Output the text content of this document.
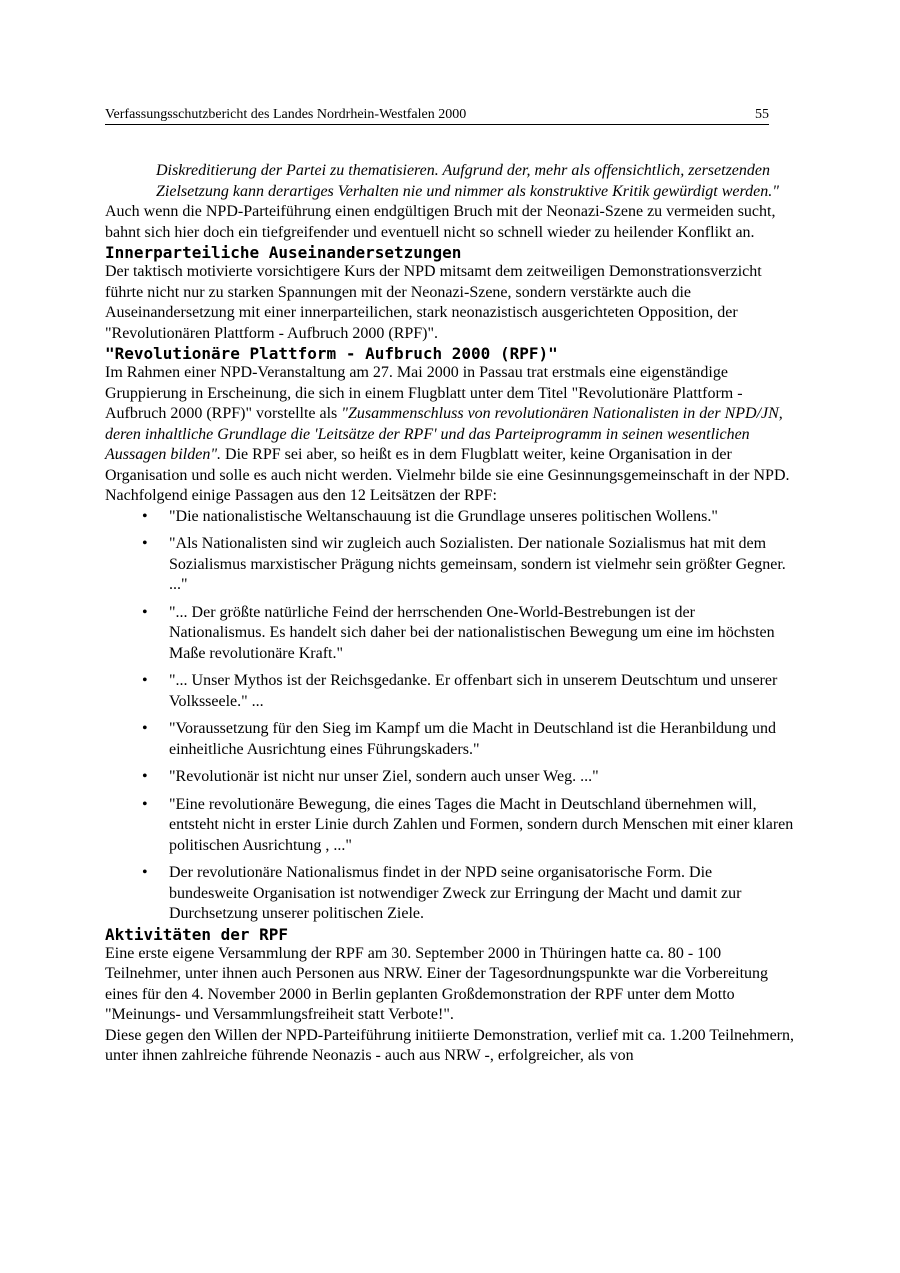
Verfassungsschutzbericht des Landes Nordrhein-Westfalen 2000	55
Diskreditierung der Partei zu thematisieren. Aufgrund der, mehr als offensichtlich, zersetzenden Zielsetzung kann derartiges Verhalten nie und nimmer als konstruktive Kritik gewürdigt werden."

Auch wenn die NPD-Parteiführung einen endgültigen Bruch mit der Neonazi-Szene zu vermeiden sucht, bahnt sich hier doch ein tiefgreifender und eventuell nicht so schnell wieder zu heilender Konflikt an.

Innerparteiliche Auseinandersetzungen

Der taktisch motivierte vorsichtigere Kurs der NPD mitsamt dem zeitweiligen Demonstrationsverzicht führte nicht nur zu starken Spannungen mit der Neonazi-Szene, sondern verstärkte auch die Auseinandersetzung mit einer innerparteilichen, stark neonazistisch ausgerichteten Opposition, der "Revolutionären Plattform - Aufbruch 2000 (RPF)".

"Revolutionäre Plattform - Aufbruch 2000 (RPF)"

Im Rahmen einer NPD-Veranstaltung am 27. Mai 2000 in Passau trat erstmals eine eigenständige Gruppierung in Erscheinung, die sich in einem Flugblatt unter dem Titel "Revolutionäre Plattform - Aufbruch 2000 (RPF)" vorstellte als "Zusammenschluss von revolutionären Nationalisten in der NPD/JN, deren inhaltliche Grundlage die 'Leitsätze der RPF' und das Parteiprogramm in seinen wesentlichen Aussagen bilden". Die RPF sei aber, so heißt es in dem Flugblatt weiter, keine Organisation in der Organisation und solle es auch nicht werden. Vielmehr bilde sie eine Gesinnungsgemeinschaft in der NPD.

Nachfolgend einige Passagen aus den 12 Leitsätzen der RPF:

• "Die nationalistische Weltanschauung ist die Grundlage unseres politischen Wollens."
• "Als Nationalisten sind wir zugleich auch Sozialisten. Der nationale Sozialismus hat mit dem Sozialismus marxistischer Prägung nichts gemeinsam, sondern ist vielmehr sein größter Gegner. ..."
• "... Der größte natürliche Feind der herrschenden One-World-Bestrebungen ist der Nationalismus. Es handelt sich daher bei der nationalistischen Bewegung um eine im höchsten Maße revolutionäre Kraft."
• "... Unser Mythos ist der Reichsgedanke. Er offenbart sich in unserem Deutschtum und unserer Volksseele." ...
• "Voraussetzung für den Sieg im Kampf um die Macht in Deutschland ist die Heranbildung und einheitliche Ausrichtung eines Führungskaders."
• "Revolutionär ist nicht nur unser Ziel, sondern auch unser Weg. ..."
• "Eine revolutionäre Bewegung, die eines Tages die Macht in Deutschland übernehmen will, entsteht nicht in erster Linie durch Zahlen und Formen, sondern durch Menschen mit einer klaren politischen Ausrichtung , ..."
• Der revolutionäre Nationalismus findet in der NPD seine organisatorische Form. Die bundesweite Organisation ist notwendiger Zweck zur Erringung der Macht und damit zur Durchsetzung unserer politischen Ziele.
Aktivitäten der RPF

Eine erste eigene Versammlung der RPF am 30. September 2000 in Thüringen hatte ca. 80 - 100 Teilnehmer, unter ihnen auch Personen aus NRW. Einer der Tagesordnungspunkte war die Vorbereitung eines für den 4. November 2000 in Berlin geplanten Großdemonstration der RPF unter dem Motto "Meinungs- und Versammlungsfreiheit statt Verbote!".

Diese gegen den Willen der NPD-Parteiführung initiierte Demonstration, verlief mit ca. 1.200 Teilnehmern, unter ihnen zahlreiche führende Neonazis - auch aus NRW -, erfolgreicher, als von
